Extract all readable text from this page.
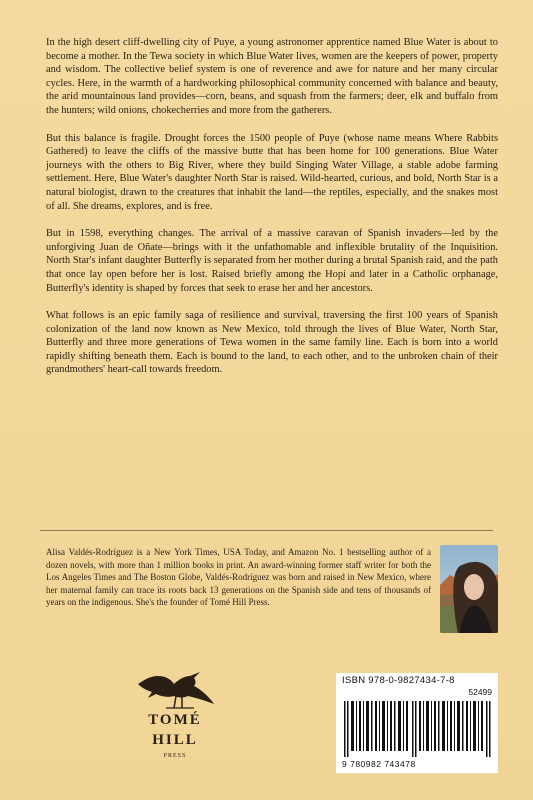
In the high desert cliff-dwelling city of Puye, a young astronomer apprentice named Blue Water is about to become a mother. In the Tewa society in which Blue Water lives, women are the keepers of power, property and wisdom. The collective belief system is one of reverence and awe for nature and her many circular cycles. Here, in the warmth of a hardworking philosophical community concerned with balance and beauty, the arid mountainous land provides—corn, beans, and squash from the farmers; deer, elk and buffalo from the hunters; wild onions, chokecherries and more from the gatherers.

But this balance is fragile. Drought forces the 1500 people of Puye (whose name means Where Rabbits Gathered) to leave the cliffs of the massive butte that has been home for 100 generations. Blue Water journeys with the others to Big River, where they build Singing Water Village, a stable adobe farming settlement. Here, Blue Water's daughter North Star is raised. Wild-hearted, curious, and bold, North Star is a natural biologist, drawn to the creatures that inhabit the land—the reptiles, especially, and the snakes most of all. She dreams, explores, and is free.

But in 1598, everything changes. The arrival of a massive caravan of Spanish invaders—led by the unforgiving Juan de Oñate—brings with it the unfathomable and inflexible brutality of the Inquisition. North Star's infant daughter Butterfly is separated from her mother during a brutal Spanish raid, and the path that once lay open before her is lost. Raised briefly among the Hopi and later in a Catholic orphanage, Butterfly's identity is shaped by forces that seek to erase her and her ancestors.

What follows is an epic family saga of resilience and survival, traversing the first 100 years of Spanish colonization of the land now known as New Mexico, told through the lives of Blue Water, North Star, Butterfly and three more generations of Tewa women in the same family line. Each is born into a world rapidly shifting beneath them. Each is bound to the land, to each other, and to the unbroken chain of their grandmothers' heart-call towards freedom.

Alisa Valdés-Rodríguez is a New York Times, USA Today, and Amazon No. 1 bestselling author of a dozen novels, with more than 1 million books in print. An award-winning former staff writer for both the Los Angeles Times and The Boston Globe, Valdés-Rodríguez was born and raised in New Mexico, where her maternal family can trace its roots back 13 generations on the Spanish side and tens of thousands of years on the indigenous. She's the founder of Tomé Hill Press.
TOMÉ
HILL
PRESS
ISBN 978-0-9827434-7-8
52499
9 780982 743478
